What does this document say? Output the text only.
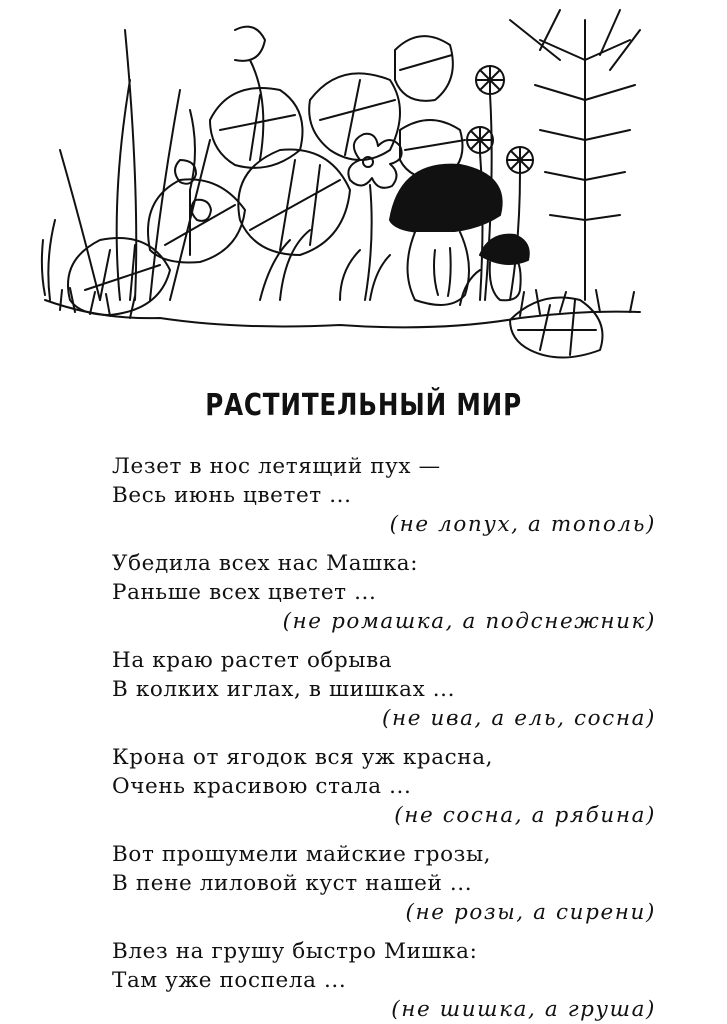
РАСТИТЕЛЬНЫЙ МИР
Лезет в нос летящий пух —
Весь июнь цветет ...
(не лопух, а тополь)
Убедила всех нас Машка:
Раньше всех цветет ...
(не ромашка, а подснежник)
На краю растет обрыва
В колких иглах, в шишках ...
(не ива, а ель, сосна)
Крона от ягодок вся уж красна,
Очень красивою стала ...
(не сосна, а рябина)
Вот прошумели майские грозы,
В пене лиловой куст нашей ...
(не розы, а сирени)
Влез на грушу быстро Мишка:
Там уже поспела ...
(не шишка, а груша)
